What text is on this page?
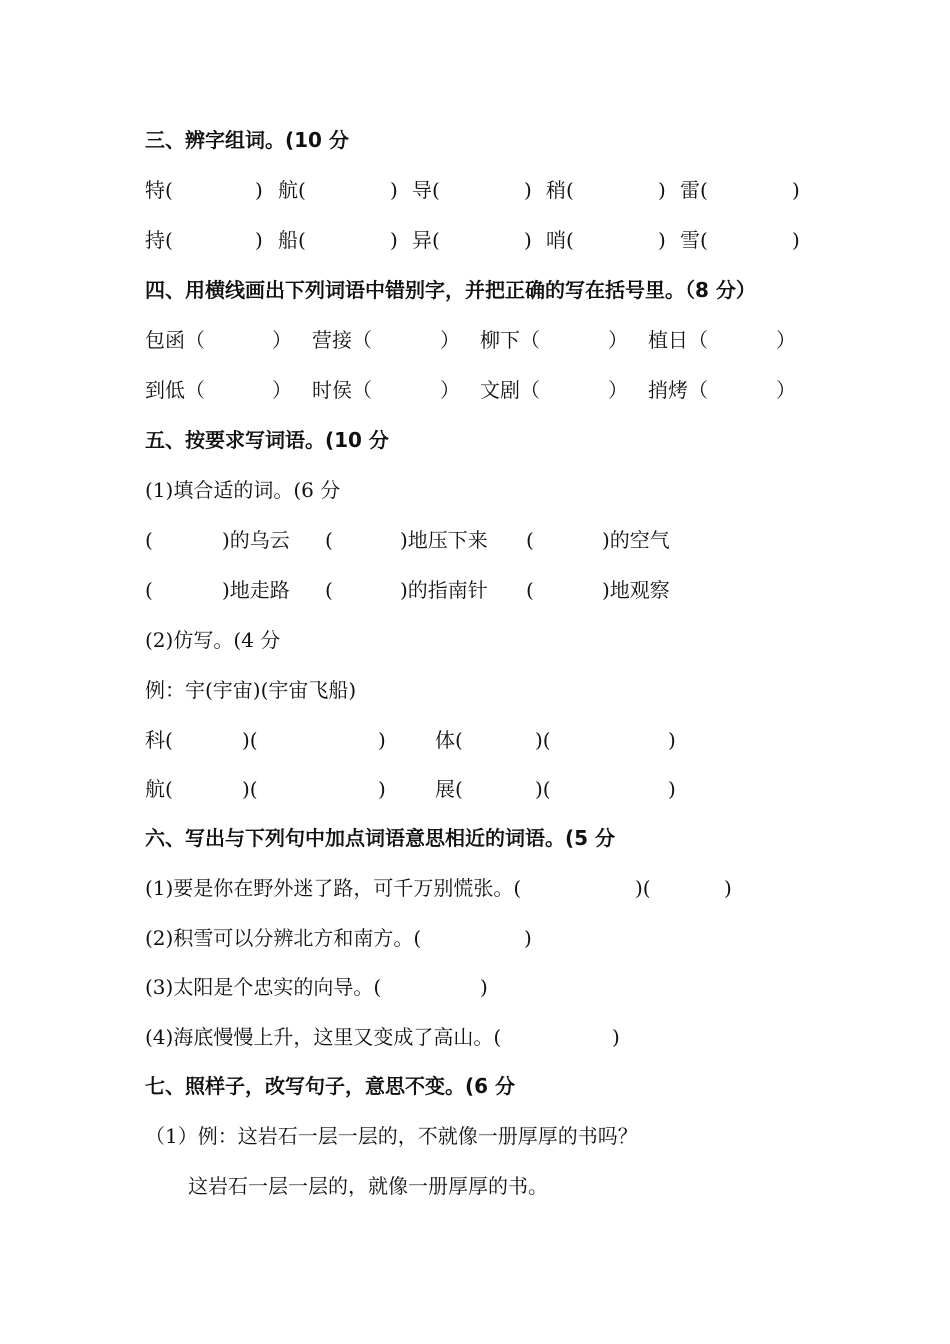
三、辨字组词。(10 分
特(	) 航(	) 导(	) 稍(	) 雷(	)
持(	) 船(	) 异(	) 哨(	) 雪(	)
四、用横线画出下列词语中错别字，并把正确的写在括号里。（8 分）
包函（	） 营接（	） 柳下（	） 植日（	）
到低（	） 时侯（	） 文剧（	） 捎烤（	）
五、按要求写词语。(10 分
(1)填合适的词。(6 分
(	)的乌云 (	)地压下来 (	)的空气
(	)地走路 (	)的指南针 (	)地观察
(2)仿写。(4 分
例：宇(宇宙)(宇宙飞船)
科(	)(	) 体(	)(	)
航(	)(	) 展(	)(	)
六、写出与下列句中加点词语意思相近的词语。(5 分
(1)要是你在野外迷了路，可千万别慌张。(	)(	)
(2)积雪可以分辨北方和南方。(	)
(3)太阳是个忠实的向导。(	)
(4)海底慢慢上升，这里又变成了高山。(	)
七、照样子，改写句子，意思不变。(6 分
（1）例：这岩石一层一层的，不就像一册厚厚的书吗？
这岩石一层一层的，就像一册厚厚的书。
